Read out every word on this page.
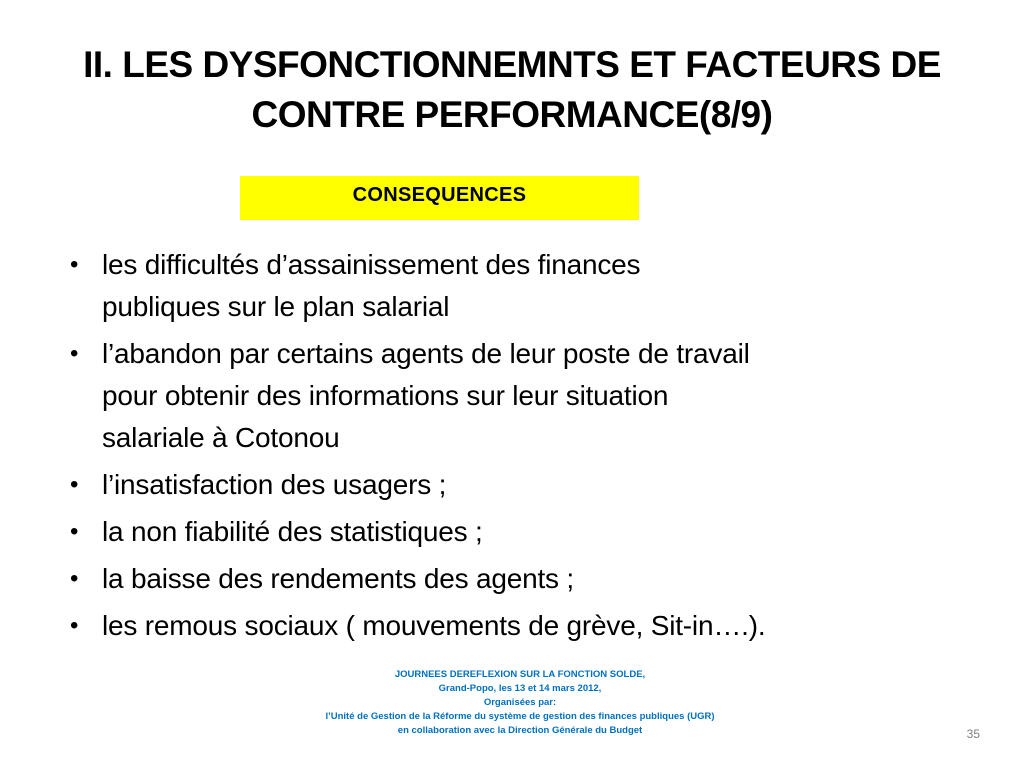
II. LES DYSFONCTIONNEMNTS ET FACTEURS DE
CONTRE PERFORMANCE(8/9)
CONSEQUENCES
• les difficultés d’assainissement des finances
publiques sur le plan salarial
• l’abandon par certains agents de leur poste de travail
pour obtenir des informations sur leur situation
salariale à Cotonou
• l’insatisfaction des usagers ;
• la non fiabilité des statistiques ;
• la baisse des rendements des agents ;
• les remous sociaux ( mouvements de grève, Sit-in….).
JOURNEES DEREFLEXION SUR LA FONCTION SOLDE,
Grand-Popo, les 13 et 14 mars 2012,
Organisées par:
l’Unité de Gestion de la Réforme du système de gestion des finances publiques (UGR)
en collaboration avec la Direction Générale du Budget	35
